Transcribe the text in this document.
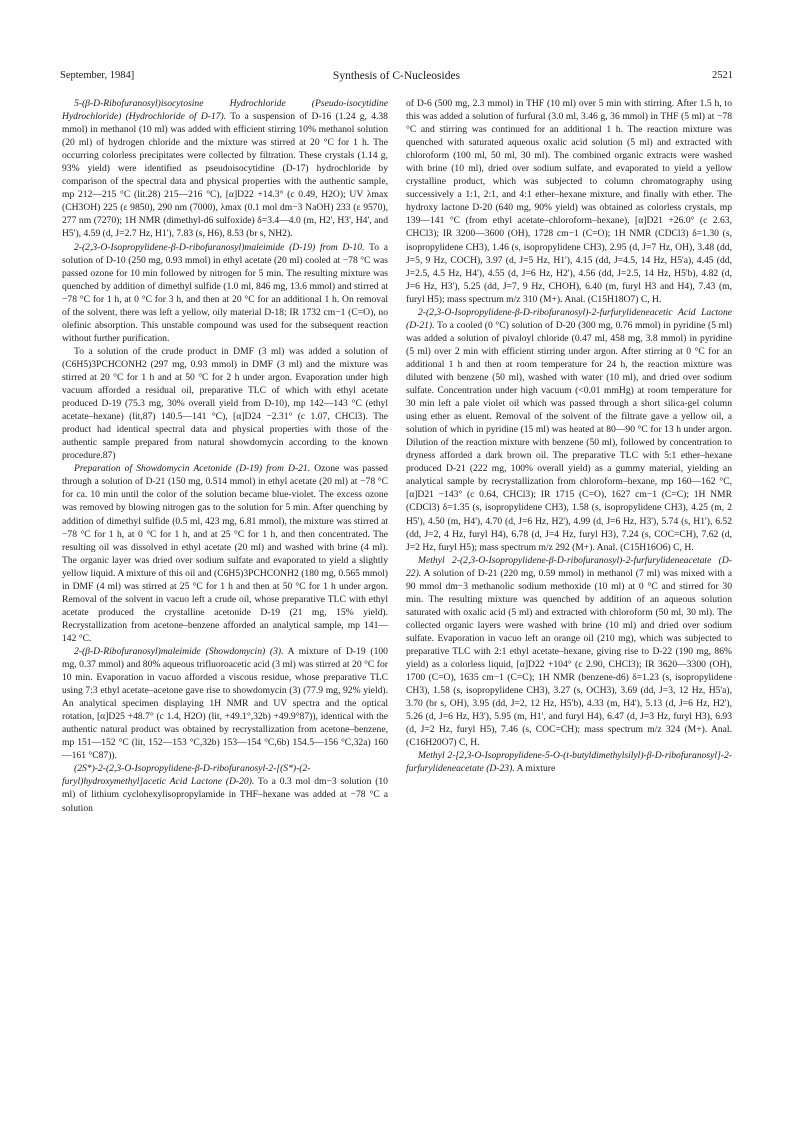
September, 1984]	Synthesis of C-Nucleosides	2521

5-(β-D-Ribofuranosyl)isocytosine Hydrochloride (Pseudo-isocytidine Hydrochloride) (Hydrochloride of D-17). To a suspension of D-16 (1.24 g, 4.38 mmol) in methanol (10 ml) was added with efficient stirring 10% methanol solution (20 ml) of hydrogen chloride and the mixture was stirred at 20 °C for 1 h. The occurring colorless precipitates were collected by filtration. These crystals (1.14 g, 93% yield) were identified as pseudoisocytidine (D-17) hydrochloride by comparison of the spectral data and physical properties with the authentic sample, mp 212—215 °C (lit.28) 215—216 °C), [α]D22 +14.3° (c 0.49, H2O); UV λmax (CH3OH) 225 (ε 9850), 290 nm (7000), λmax (0.1 mol dm−3 NaOH) 233 (ε 9570), 277 nm (7270); 1H NMR (dimethyl-d6 sulfoxide) δ=3.4—4.0 (m, H2', H3', H4', and H5'), 4.59 (d, J=2.7 Hz, H1'), 7.83 (s, H6), 8.53 (br s, NH2).

2-(2,3-O-Isopropylidene-β-D-ribofuranosyl)maleimide (D-19) from D-10. To a solution of D-10 (250 mg, 0.93 mmol) in ethyl acetate (20 ml) cooled at −78 °C was passed ozone for 10 min followed by nitrogen for 5 min. The resulting mixture was quenched by addition of dimethyl sulfide (1.0 ml, 846 mg, 13.6 mmol) and stirred at −78 °C for 1 h, at 0 °C for 3 h, and then at 20 °C for an additional 1 h. On removal of the solvent, there was left a yellow, oily material D-18; IR 1732 cm−1 (C=O), no olefinic absorption. This unstable compound was used for the subsequent reaction without further purification.

To a solution of the crude product in DMF (3 ml) was added a solution of (C6H5)3PCHCONH2 (297 mg, 0.93 mmol) in DMF (3 ml) and the mixture was stirred at 20 °C for 1 h and at 50 °C for 2 h under argon. Evaporation under high vacuum afforded a residual oil, preparative TLC of which with ethyl acetate produced D-19 (75.3 mg, 30% overall yield from D-10), mp 142—143 °C (ethyl acetate–hexane) (lit,87) 140.5—141 °C), [α]D24 −2.31° (c 1.07, CHCl3). The product had identical spectral data and physical properties with those of the authentic sample prepared from natural showdomycin according to the known procedure.87)

Preparation of Showdomycin Acetonide (D-19) from D-21. Ozone was passed through a solution of D-21 (150 mg, 0.514 mmol) in ethyl acetate (20 ml) at −78 °C for ca. 10 min until the color of the solution became blue-violet. The excess ozone was removed by blowing nitrogen gas to the solution for 5 min. After quenching by addition of dimethyl sulfide (0.5 ml, 423 mg, 6.81 mmol), the mixture was stirred at −78 °C for 1 h, at 0 °C for 1 h, and at 25 °C for 1 h, and then concentrated. The resulting oil was dissolved in ethyl acetate (20 ml) and washed with brine (4 ml). The organic layer was dried over sodium sulfate and evaporated to yield a slightly yellow liquid. A mixture of this oil and (C6H5)3PCHCONH2 (180 mg, 0.565 mmol) in DMF (4 ml) was stirred at 25 °C for 1 h and then at 50 °C for 1 h under argon. Removal of the solvent in vacuo left a crude oil, whose preparative TLC with ethyl acetate produced the crystalline acetonide D-19 (21 mg, 15% yield). Recrystallization from acetone–benzene afforded an analytical sample, mp 141—142 °C.

2-(β-D-Ribofuranosyl)maleimide (Showdomycin) (3). A mixture of D-19 (100 mg, 0.37 mmol) and 80% aqueous trifluoroacetic acid (3 ml) was stirred at 20 °C for 10 min. Evaporation in vacuo afforded a viscous residue, whose preparative TLC using 7:3 ethyl acetate–acetone gave rise to showdomycin (3) (77.9 mg, 92% yield). An analytical specimen displaying 1H NMR and UV spectra and the optical rotation, [α]D25 +48.7° (c 1.4, H2O) (lit, +49.1°,32b) +49.9°87)), identical with the authentic natural product was obtained by recrystallization from acetone–benzene, mp 151—152 °C (lit, 152—153 °C,32b) 153—154 °C,6b) 154.5—156 °C,32a) 160—161 °C87)).

(2S*)-2-(2,3-O-Isopropylidene-β-D-ribofuranosyl-2-[(S*)-(2-furyl)hydroxymethyl]acetic Acid Lactone (D-20). To a 0.3 mol dm−3 solution (10 ml) of lithium cyclohexylisopropylamide in THF–hexane was added at −78 °C a solution

of D-6 (500 mg, 2.3 mmol) in THF (10 ml) over 5 min with stirring. After 1.5 h, to this was added a solution of furfural (3.0 ml, 3.46 g, 36 mmol) in THF (5 ml) at −78 °C and stirring was continued for an additional 1 h. The reaction mixture was quenched with saturated aqueous oxalic acid solution (5 ml) and extracted with chloroform (100 ml, 50 ml, 30 ml). The combined organic extracts were washed with brine (10 ml), dried over sodium sulfate, and evaporated to yield a yellow crystalline product, which was subjected to column chromatography using successively a 1:1, 2:1, and 4:1 ether–hexane mixture, and finally with ether. The hydroxy lactone D-20 (640 mg, 90% yield) was obtained as colorless crystals, mp 139—141 °C (from ethyl acetate–chloroform–hexane), [α]D21 +26.0° (c 2.63, CHCl3); IR 3200—3600 (OH), 1728 cm−1 (C=O); 1H NMR (CDCl3) δ=1.30 (s, isopropylidene CH3), 1.46 (s, isopropylidene CH3), 2.95 (d, J=7 Hz, OH), 3.48 (dd, J=5, 9 Hz, COCH), 3.97 (d, J=5 Hz, H1'), 4.15 (dd, J=4.5, 14 Hz, H5'a), 4.45 (dd, J=2.5, 4.5 Hz, H4'), 4.55 (d, J=6 Hz, H2'), 4.56 (dd, J=2.5, 14 Hz, H5'b), 4.82 (d, J=6 Hz, H3'), 5.25 (dd, J=7, 9 Hz, CHOH), 6.40 (m, furyl H3 and H4), 7.43 (m, furyl H5); mass spectrum m/z 310 (M+). Anal. (C15H18O7) C, H.

2-(2,3-O-Isopropylidene-β-D-ribofuranosyl)-2-furfurylideneacetic Acid Lactone (D-21). To a cooled (0 °C) solution of D-20 (300 mg, 0.76 mmol) in pyridine (5 ml) was added a solution of pivaloyl chloride (0.47 ml, 458 mg, 3.8 mmol) in pyridine (5 ml) over 2 min with efficient stirring under argon. After stirring at 0 °C for an additional 1 h and then at room temperature for 24 h, the reaction mixture was diluted with benzene (50 ml), washed with water (10 ml), and dried over sodium sulfate. Concentration under high vacuum (<0.01 mmHg) at room temperature for 30 min left a pale violet oil which was passed through a short silica-gel column using ether as eluent. Removal of the solvent of the filtrate gave a yellow oil, a solution of which in pyridine (15 ml) was heated at 80—90 °C for 13 h under argon. Dilution of the reaction mixture with benzene (50 ml), followed by concentration to dryness afforded a dark brown oil. The preparative TLC with 5:1 ether–hexane produced D-21 (222 mg, 100% overall yield) as a gummy material, yielding an analytical sample by recrystallization from chloroform–hexane, mp 160—162 °C, [α]D21 −143° (c 0.64, CHCl3); IR 1715 (C=O), 1627 cm−1 (C=C); 1H NMR (CDCl3) δ=1.35 (s, isopropylidene CH3), 1.58 (s, isopropylidene CH3), 4.25 (m, 2 H5'), 4.50 (m, H4'), 4.70 (d, J=6 Hz, H2'), 4.99 (d, J=6 Hz, H3'), 5.74 (s, H1'), 6.52 (dd, J=2, 4 Hz, furyl H4), 6.78 (d, J=4 Hz, furyl H3), 7.24 (s, COC=CH), 7.62 (d, J=2 Hz, furyl H5); mass spectrum m/z 292 (M+). Anal. (C15H16O6) C, H.

Methyl 2-(2,3-O-Isopropylidene-β-D-ribofuranosyl)-2-furfurylideneacetate (D-22). A solution of D-21 (220 mg, 0.59 mmol) in methanol (7 ml) was mixed with a 90 mmol dm−3 methanolic sodium methoxide (10 ml) at 0 °C and stirred for 30 min. The resulting mixture was quenched by addition of an aqueous solution saturated with oxalic acid (5 ml) and extracted with chloroform (50 ml, 30 ml). The collected organic layers were washed with brine (10 ml) and dried over sodium sulfate. Evaporation in vacuo left an orange oil (210 mg), which was subjected to preparative TLC with 2:1 ethyl acetate–hexane, giving rise to D-22 (190 mg, 86% yield) as a colorless liquid, [α]D22 +104° (c 2.90, CHCl3); IR 3620—3300 (OH), 1700 (C=O), 1635 cm−1 (C=C); 1H NMR (benzene-d6) δ=1.23 (s, isopropylidene CH3), 1.58 (s, isopropylidene CH3), 3.27 (s, OCH3), 3.69 (dd, J=3, 12 Hz, H5'a), 3.70 (br s, OH), 3.95 (dd, J=2, 12 Hz, H5'b), 4.33 (m, H4'), 5.13 (d, J=6 Hz, H2'), 5.26 (d, J=6 Hz, H3'), 5.95 (m, H1', and furyl H4), 6.47 (d, J=3 Hz, furyl H3), 6.93 (d, J=2 Hz, furyl H5), 7.46 (s, COC=CH); mass spectrum m/z 324 (M+). Anal. (C16H20O7) C, H.

Methyl 2-[2,3-O-Isopropylidene-5-O-(t-butyldimethylsilyl)-β-D-ribofuranosyl]-2-furfurylideneacetate (D-23). A mixture
